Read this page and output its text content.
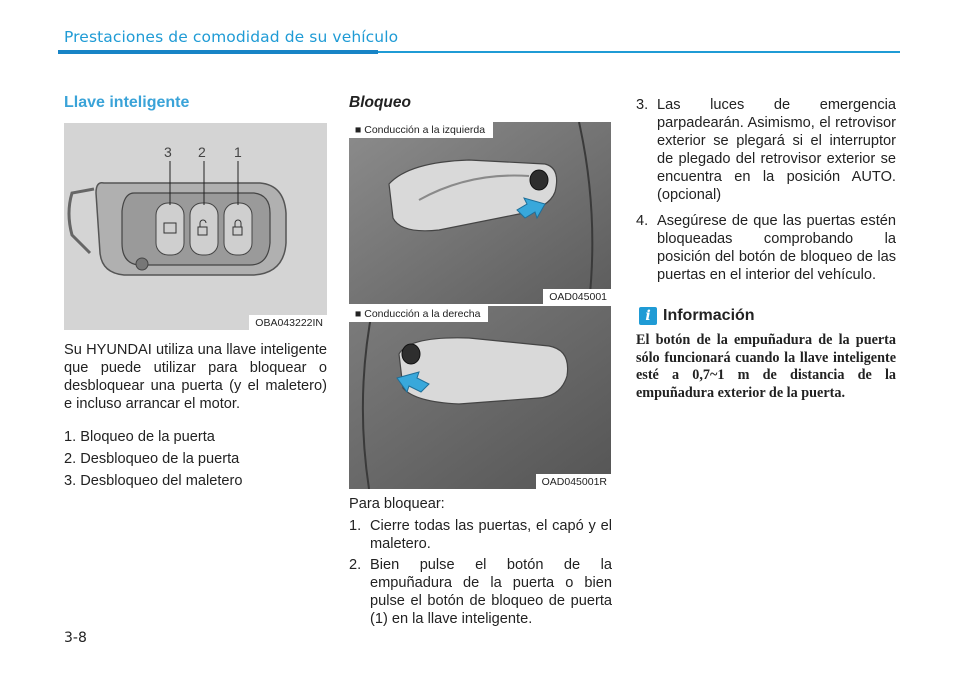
Prestaciones de comodidad de su vehículo
Llave inteligente
3 2 1
OBA043222IN
Su HYUNDAI utiliza una llave inteligente que puede utilizar para bloquear o desbloquear una puerta (y el maletero) e incluso arrancar el motor.
1. Bloqueo de la puerta
2. Desbloqueo de la puerta
3. Desbloqueo del maletero
Bloqueo
■ Conducción a la izquierda
OAD045001
■ Conducción a la derecha
OAD045001R
Para bloquear:
1. Cierre todas las puertas, el capó y el maletero.
2. Bien pulse el botón de la empuñadura de la puerta o bien pulse el botón de bloqueo de puerta (1) en la llave inteligente.
3. Las luces de emergencia parpadearán. Asimismo, el retrovisor exterior se plegará si el interruptor de plegado del retrovisor exterior se encuentra en la posición AUTO. (opcional)
4. Asegúrese de que las puertas estén bloqueadas comprobando la posición del botón de bloqueo de las puertas en el interior del vehículo.
i Información
El botón de la empuñadura de la puerta sólo funcionará cuando la llave inteligente esté a 0,7~1 m de distancia de la empuñadura exterior de la puerta.
3-8
